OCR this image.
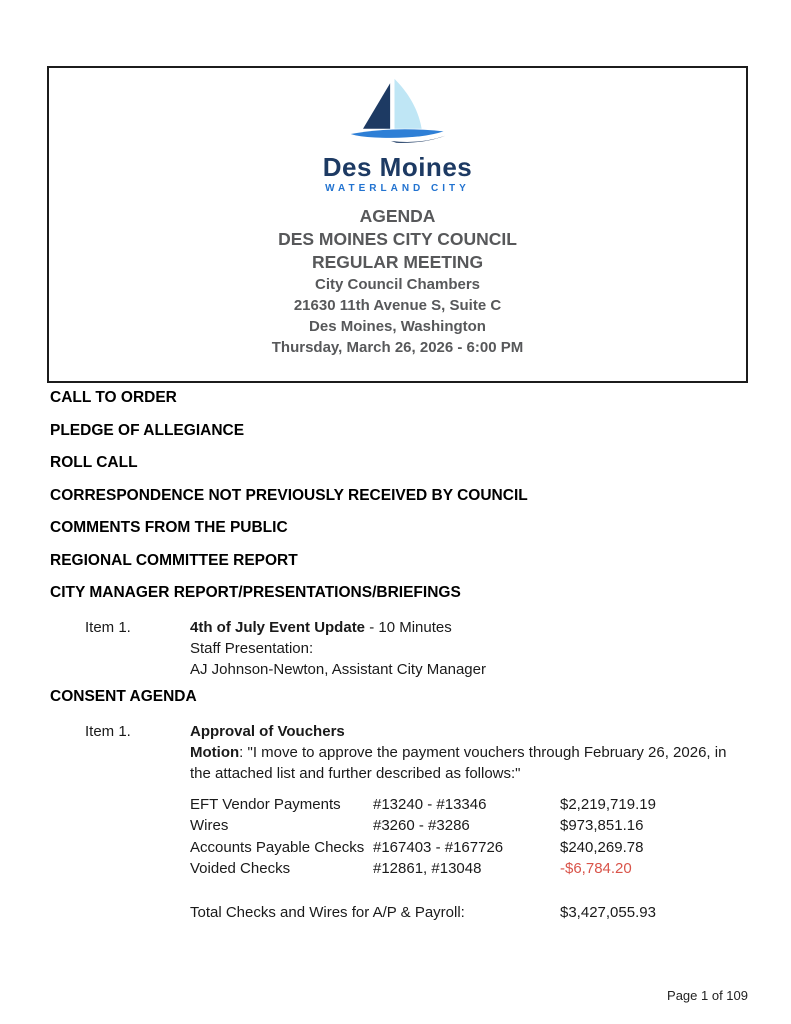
Des Moines
WATERLAND CITY
AGENDA
DES MOINES CITY COUNCIL
REGULAR MEETING
City Council Chambers
21630 11th Avenue S, Suite C
Des Moines, Washington
Thursday, March 26, 2026 - 6:00 PM
CALL TO ORDER
PLEDGE OF ALLEGIANCE
ROLL CALL
CORRESPONDENCE NOT PREVIOUSLY RECEIVED BY COUNCIL
COMMENTS FROM THE PUBLIC
REGIONAL COMMITTEE REPORT
CITY MANAGER REPORT/PRESENTATIONS/BRIEFINGS
Item 1.	4th of July Event Update - 10 Minutes
Staff Presentation:
AJ Johnson-Newton, Assistant City Manager
CONSENT AGENDA
Item 1.	Approval of Vouchers
Motion: "I move to approve the payment vouchers through February 26, 2026, in the attached list and further described as follows:"
EFT Vendor Payments	#13240 - #13346	$2,219,719.19
Wires	#3260 - #3286	$973,851.16
Accounts Payable Checks #167403 - #167726	$240,269.78
Voided Checks	#12861, #13048	-$6,784.20
Total Checks and Wires for A/P & Payroll:	$3,427,055.93
Page 1 of 109
